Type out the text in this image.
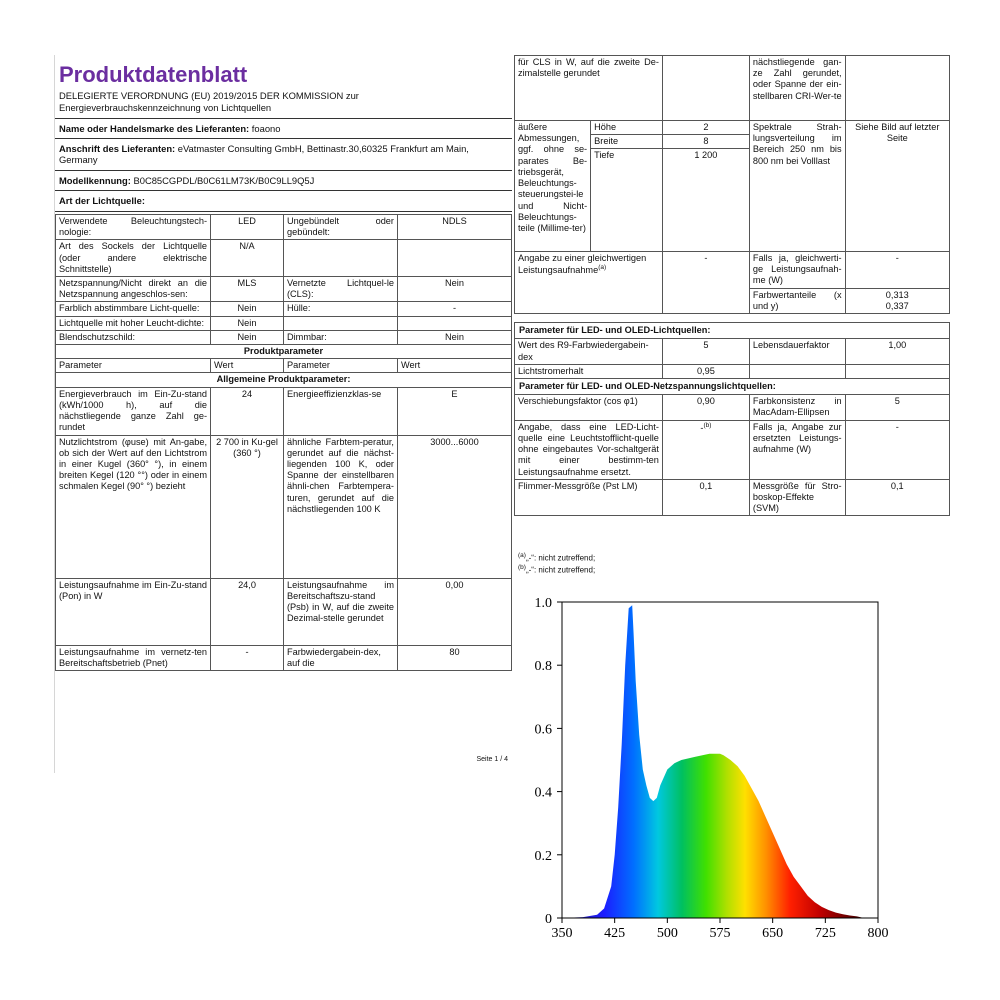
Produktdatenblatt
DELEGIERTE VERORDNUNG (EU) 2019/2015 DER KOMMISSION zur Energieverbrauchskennzeichnung von Lichtquellen
Name oder Handelsmarke des Lieferanten: foaono
Anschrift des Lieferanten: eVatmaster Consulting GmbH, Bettinastr.30,60325 Frankfurt am Main, Germany
Modellkennung: B0C85CGPDL/B0C61LM73K/B0C9LL9Q5J
Art der Lichtquelle:
Verwendete Beleuchtungstech-nologie:	LED	Ungebündelt oder gebündelt:	NDLS
Art des Sockels der Lichtquelle (oder andere elektrische Schnittstelle)	N/A		
Netzspannung/Nicht direkt an die Netzspannung angeschlos-sen:	MLS	Vernetzte Lichtquel-le (CLS):	Nein
Farblich abstimmbare Licht-quelle:	Nein	Hülle:	-
Lichtquelle mit hoher Leucht-dichte:	Nein		
Blendschutzschild:	Nein	Dimmbar:	Nein
Produktparameter			
Parameter	Wert	Parameter	Wert
Allgemeine Produktparameter:			
Energieverbrauch im Ein-Zu-stand (kWh/1000 h), auf die nächstliegende ganze Zahl ge-rundet	24	Energieeffizienzklas-se	E
Nutzlichtstrom (φuse) mit An-gabe, ob sich der Wert auf den Lichtstrom in einer Kugel (360° °), in einem breiten Kegel (120 °°) oder in einem schmalen Kegel (90° °) bezieht	2 700 in Ku-gel (360 °)	ähnliche Farbtem-peratur, gerundet auf die nächst-liegenden 100 K, oder Spanne der einstellbaren ähnli-chen Farbtempera-turen, gerundet auf die nächstliegenden 100 K	3000...6000
Leistungsaufnahme im Ein-Zu-stand (Pon) in W	24,0	Leistungsaufnahme im Bereitschaftszu-stand (Psb) in W, auf die zweite Dezimal-stelle gerundet	0,00
Leistungsaufnahme im vernetz-ten Bereitschaftsbetrieb (Pnet)	-	Farbwiedergabein-dex, auf die	80
Seite 1 / 4
für CLS in W, auf die zweite De-zimalstelle gerundet			nächstliegende gan-ze Zahl gerundet, oder Spanne der ein-stellbaren CRI-Wer-te	
äußere Abmessungen, ggf. ohne se-parates Be-triebsgerät, Beleuchtungs-steuerungstei-le und Nicht-Beleuchtungs-teile (Millime-ter)	Höhe	2	Spektrale Strah-lungsverteilung im Bereich 250 nm bis 800 nm bei Volllast	Siehe Bild auf letzter Seite
	Breite	8		
	Tiefe	1 200		
Angabe zu einer gleichwertigen Leistungsaufnahme$^{(a)}$		-	Falls ja, gleichwerti-ge Leistungsaufnah-me (W)	-
			Farbwertanteile (x und y)	0,313
0,337

Parameter für LED- und OLED-Lichtquellen:				
Wert des R9-Farbwiedergabein-dex		5	Lebensdauerfaktor	1,00
Lichtstromerhalt		0,95		
Parameter für LED- und OLED-Netzspannungslichtquellen:				
Verschiebungsfaktor (cos φ1)		0,90	Farbkonsistenz in MacAdam-Ellipsen	5
Angabe, dass eine LED-Licht-quelle eine Leuchtstofflicht-quelle ohne eingebautes Vor-schaltgerät mit einer bestimm-ten Leistungsaufnahme ersetzt.		-$^{(b)}$	Falls ja, Angabe zur ersetzten Leistungs-aufnahme (W)	-
Flimmer-Messgröße (Pst LM)		0,1	Messgröße für Stro-boskop-Effekte (SVM)	0,1
$^{(a)}$„-“: nicht zutreffend;
$^{(b)}$„-“: nicht zutreffend;
350 425 500 575 650 725 800
0
0.2
0.4
0.6
0.8
1.0
